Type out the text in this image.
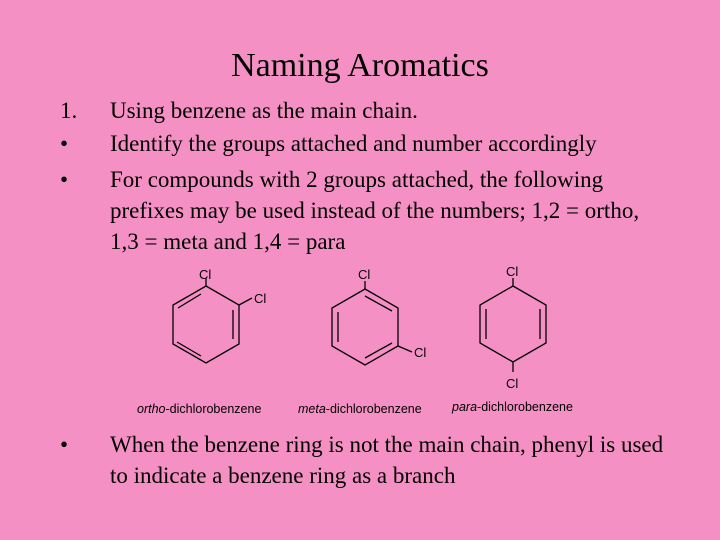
Naming Aromatics
1.	Using benzene as the main chain.
•	Identify the groups attached and number accordingly
•	For compounds with 2 groups attached, the following prefixes may be used instead of the numbers; 1,2 = ortho, 1,3 = meta and 1,4 = para
•	When the benzene ring is not the main chain, phenyl is used to indicate a benzene ring as a branch
Cl
Cl
ortho-dichlorobenzene
Cl
Cl
meta-dichlorobenzene
Cl
Cl
para-dichlorobenzene
